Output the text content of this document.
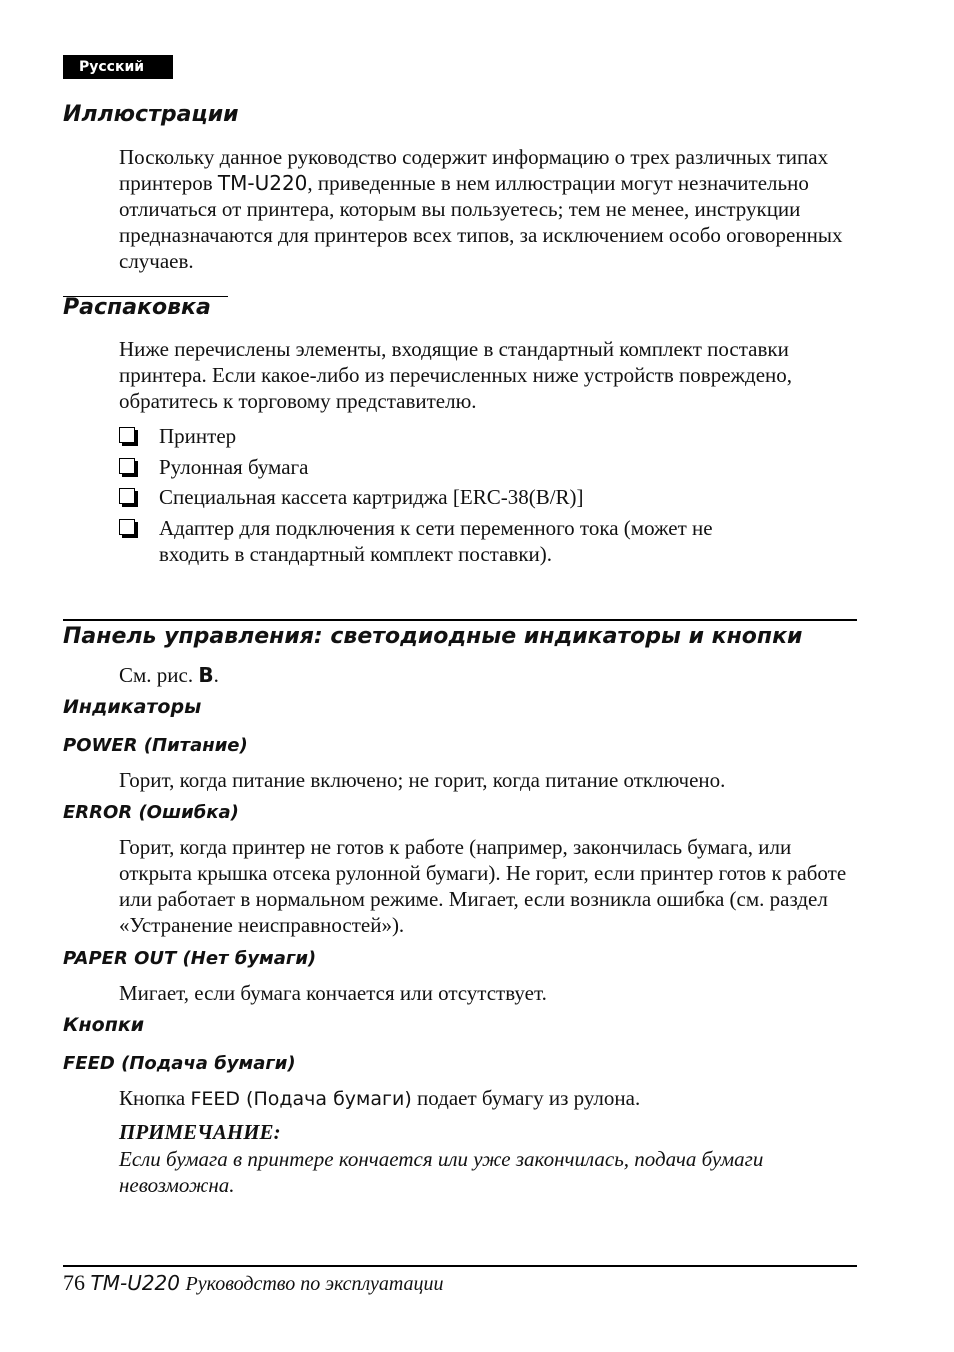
Русский
Иллюстрации
Поскольку данное руководство содержит информацию о трех различных типах принтеров TM-U220, приведенные в нем иллюстрации могут незначительно отличаться от принтера, которым вы пользуетесь; тем не менее, инструкции предназначаются для принтеров всех типов, за исключением особо оговоренных случаев.
Распаковка
Ниже перечислены элементы, входящие в стандартный комплект поставки принтера. Если какое-либо из перечисленных ниже устройств повреждено, обратитесь к торговому представителю.
Принтер
Рулонная бумага
Специальная кассета картриджа [ERC-38(B/R)]
Адаптер для подключения к сети переменного тока (может не входить в стандартный комплект поставки).
Панель управления: светодиодные индикаторы и кнопки
См. рис. B.
Индикаторы
POWER (Питание)
Горит, когда питание включено; не горит, когда питание отключено.
ERROR (Ошибка)
Горит, когда принтер не готов к работе (например, закончилась бумага, или открыта крышка отсека рулонной бумаги). Не горит, если принтер готов к работе или работает в нормальном режиме. Мигает, если возникла ошибка (см. раздел «Устранение неисправностей»).
PAPER OUT (Нет бумаги)
Мигает, если бумага кончается или отсутствует.
Кнопки
FEED (Подача бумаги)
Кнопка FEED (Подача бумаги) подает бумагу из рулона.
ПРИМЕЧАНИЕ:
Если бумага в принтере кончается или уже закончилась, подача бумаги невозможна.
76 TM-U220 Руководство по эксплуатации
